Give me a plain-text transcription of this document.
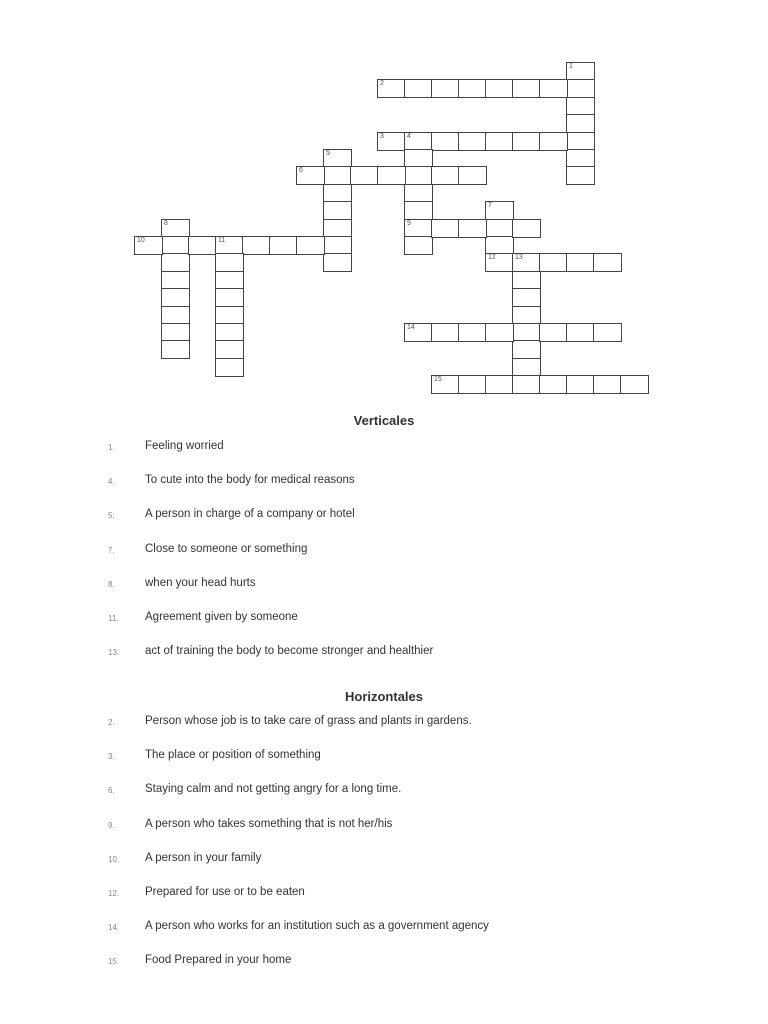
1
2
3	4
9
5
6
7
8
10	11
12	13
14
15
Verticales
1.	Feeling worried
4.	To cute into the body for medical reasons
5.	A person in charge of a company or hotel
7.	Close to someone or something
8.	when your head hurts
11. Agreement given by someone
13. act of training the body to become stronger and healthier
Horizontales
2.	Person whose job is to take care of grass and plants in gardens.
3.	The place or position of something
6.	Staying calm and not getting angry for a long time.
9.	A person who takes something that is not her/his
10. A person in your family
12. Prepared for use or to be eaten
14. A person who works for an institution such as a government agency
15. Food Prepared in your home
